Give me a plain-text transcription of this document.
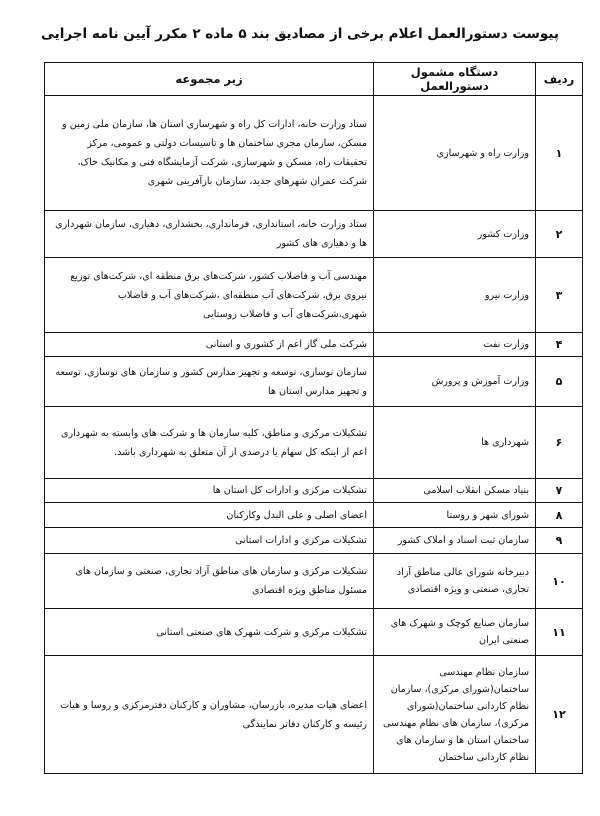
پیوست دستورالعمل اعلام برخی از مصادیق بند ۵ ماده ۲ مکرر آیین نامه اجرایی
ردیف	دستگاه مشمول دستورالعمل	زیر مجموعه
۱	وزارت راه و شهرسازی	ستاد وزارت خانه، ادارات کل راه و شهرسازی استان ها، سازمان ملی زمین و مسکن، سازمان مجری ساختمان ها و تاسیسات دولتی و عمومی، مرکز تحقیقات راه، مسکن و شهرسازی، شرکت آزمایشگاه فنی و مکانیک خاک، شرکت عمران شهرهای جدید، سازمان بازآفرینی شهری
۲	وزارت کشور	ستاد وزارت خانه، استانداری، فرمانداری، بخشداری، دهیاری، سازمان شهرداری ها و دهیاری های کشور
۳	وزارت نیرو	مهندسی آب و فاضلاب کشور، شرکت‌های برق منطقه ای، شرکت‌های توزیع نیروی برق، شرکت‌های آب منطقه‌ای ،شرکت‌های آب و فاضلاب شهری،شرکت‌های آب و فاضلاب روستایی
۴	وزارت نفت	شرکت ملی گاز اعم از کشوری و استانی
۵	وزارت آموزش و پرورش	سازمان نوسازی، توسعه و تجهیز مدارس کشور و سازمان های نوسازی، توسعه و تجهیز مدارس استان ها
۶	شهرداری ها	تشکیلات مرکزی و مناطق، کلیه سازمان ها و شرکت های وابسته به شهرداری اعم از اینکه کل سهام یا درصدی از آن متعلق به شهرداری باشد.
۷	بنیاد مسکن انقلاب اسلامی	تشکیلات مرکزی و ادارات کل استان ها
۸	شورای شهر و روستا	اعضای اصلی و علی البدل وکارکنان
۹	سازمان ثبت اسناد و املاک کشور	تشکیلات مرکزی و ادارات استانی
۱۰	دبیرخانه شورای عالی مناطق آزاد تجاری، صنعتی و ویژه اقتصادی	تشکیلات مرکزی و سازمان های مناطق آزاد تجاری، صنعتی و سازمان های مسئول مناطق ویژه اقتصادی
۱۱	سازمان صنایع کوچک و شهرک های صنعتی ایران	تشکیلات مرکزی و شرکت شهرک های صنعتی استانی
۱۲	سازمان نظام مهندسی ساختمان(شورای مرکزی)، سازمان نظام کاردانی ساختمان(شورای مرکزی)، سازمان های نظام مهندسی ساختمان استان ها و سازمان های نظام کاردانی ساختمان	اعضای هیات مدیره، بازرسان، مشاوران و کارکنان دفترمرکزی و روسا و هیات رئیسه و کارکنان دفاتر نمایندگی
